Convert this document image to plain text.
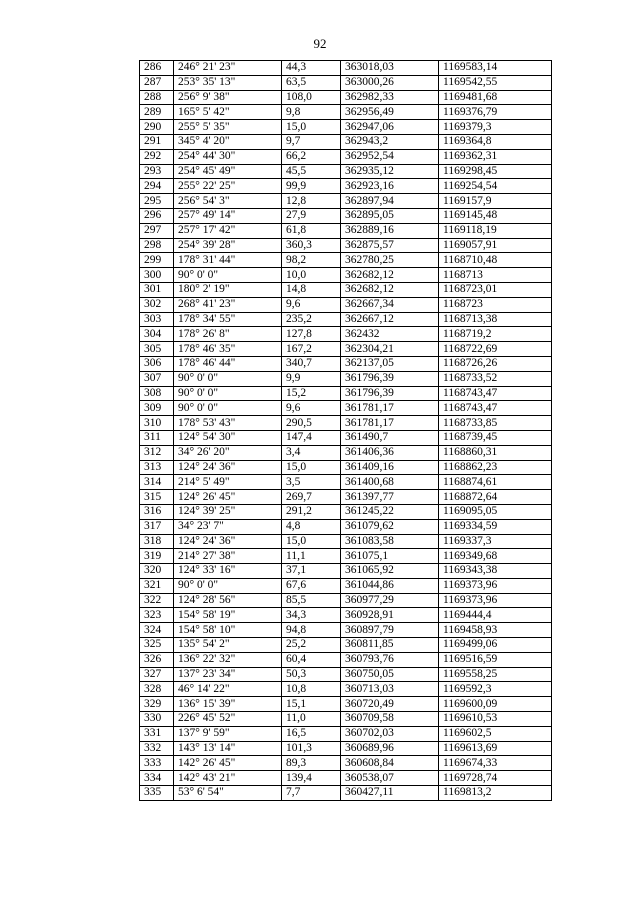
92
286	246° 21' 23"	44,3	363018,03	1169583,14
287	253° 35' 13"	63,5	363000,26	1169542,55
288	256° 9' 38"	108,0	362982,33	1169481,68
289	165° 5' 42"	9,8	362956,49	1169376,79
290	255° 5' 35"	15,0	362947,06	1169379,3
291	345° 4' 20"	9,7	362943,2	1169364,8
292	254° 44' 30"	66,2	362952,54	1169362,31
293	254° 45' 49"	45,5	362935,12	1169298,45
294	255° 22' 25"	99,9	362923,16	1169254,54
295	256° 54' 3"	12,8	362897,94	1169157,9
296	257° 49' 14"	27,9	362895,05	1169145,48
297	257° 17' 42"	61,8	362889,16	1169118,19
298	254° 39' 28"	360,3	362875,57	1169057,91
299	178° 31' 44"	98,2	362780,25	1168710,48
300	90° 0' 0"	10,0	362682,12	1168713
301	180° 2' 19"	14,8	362682,12	1168723,01
302	268° 41' 23"	9,6	362667,34	1168723
303	178° 34' 55"	235,2	362667,12	1168713,38
304	178° 26' 8"	127,8	362432	1168719,2
305	178° 46' 35"	167,2	362304,21	1168722,69
306	178° 46' 44"	340,7	362137,05	1168726,26
307	90° 0' 0"	9,9	361796,39	1168733,52
308	90° 0' 0"	15,2	361796,39	1168743,47
309	90° 0' 0"	9,6	361781,17	1168743,47
310	178° 53' 43"	290,5	361781,17	1168733,85
311	124° 54' 30"	147,4	361490,7	1168739,45
312	34° 26' 20"	3,4	361406,36	1168860,31
313	124° 24' 36"	15,0	361409,16	1168862,23
314	214° 5' 49"	3,5	361400,68	1168874,61
315	124° 26' 45"	269,7	361397,77	1168872,64
316	124° 39' 25"	291,2	361245,22	1169095,05
317	34° 23' 7"	4,8	361079,62	1169334,59
318	124° 24' 36"	15,0	361083,58	1169337,3
319	214° 27' 38"	11,1	361075,1	1169349,68
320	124° 33' 16"	37,1	361065,92	1169343,38
321	90° 0' 0"	67,6	361044,86	1169373,96
322	124° 28' 56"	85,5	360977,29	1169373,96
323	154° 58' 19"	34,3	360928,91	1169444,4
324	154° 58' 10"	94,8	360897,79	1169458,93
325	135° 54' 2"	25,2	360811,85	1169499,06
326	136° 22' 32"	60,4	360793,76	1169516,59
327	137° 23' 34"	50,3	360750,05	1169558,25
328	46° 14' 22"	10,8	360713,03	1169592,3
329	136° 15' 39"	15,1	360720,49	1169600,09
330	226° 45' 52"	11,0	360709,58	1169610,53
331	137° 9' 59"	16,5	360702,03	1169602,5
332	143° 13' 14"	101,3	360689,96	1169613,69
333	142° 26' 45"	89,3	360608,84	1169674,33
334	142° 43' 21"	139,4	360538,07	1169728,74
335	53° 6' 54"	7,7	360427,11	1169813,2
